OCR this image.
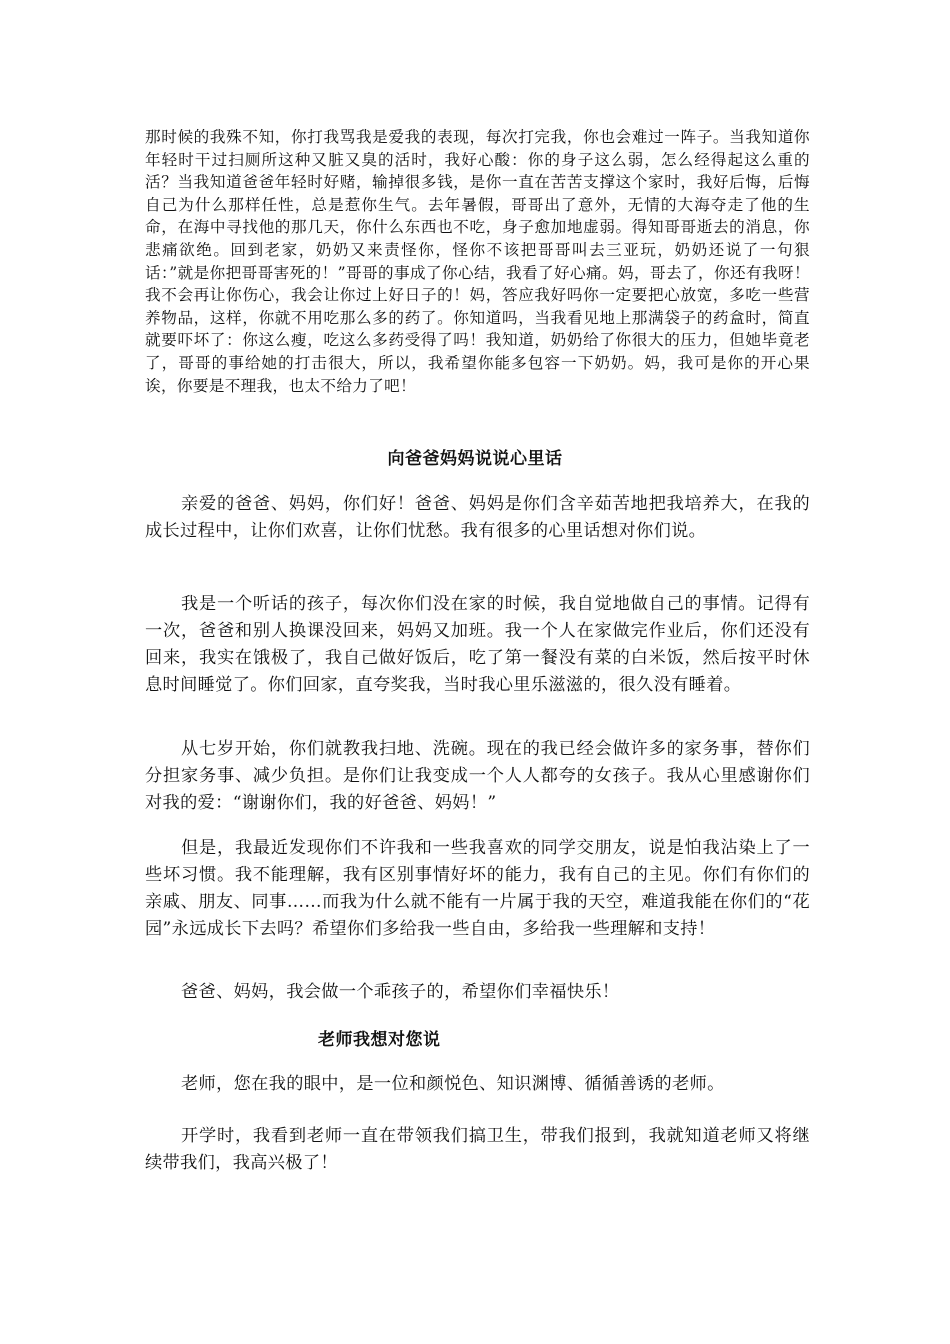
那时候的我殊不知，你打我骂我是爱我的表现，每次打完我，你也会难过一阵子。当我知道你年轻时干过扫厕所这种又脏又臭的活时，我好心酸：你的身子这么弱，怎么经得起这么重的活？当我知道爸爸年轻时好赌，输掉很多钱，是你一直在苦苦支撑这个家时，我好后悔，后悔自己为什么那样任性，总是惹你生气。去年暑假，哥哥出了意外，无情的大海夺走了他的生命，在海中寻找他的那几天，你什么东西也不吃，身子愈加地虚弱。得知哥哥逝去的消息，你悲痛欲绝。回到老家，奶奶又来责怪你，怪你不该把哥哥叫去三亚玩，奶奶还说了一句狠话：”就是你把哥哥害死的！”哥哥的事成了你心结，我看了好心痛。妈，哥去了，你还有我呀！我不会再让你伤心，我会让你过上好日子的！妈，答应我好吗你一定要把心放宽，多吃一些营养物品，这样，你就不用吃那么多的药了。你知道吗，当我看见地上那满袋子的药盒时，简直就要吓坏了：你这么瘦，吃这么多药受得了吗！我知道，奶奶给了你很大的压力，但她毕竟老了，哥哥的事给她的打击很大，所以，我希望你能多包容一下奶奶。妈，我可是你的开心果诶，你要是不理我，也太不给力了吧！

向爸爸妈妈说说心里话

亲爱的爸爸、妈妈，你们好！爸爸、妈妈是你们含辛茹苦地把我培养大，在我的成长过程中，让你们欢喜，让你们忧愁。我有很多的心里话想对你们说。

我是一个听话的孩子，每次你们没在家的时候，我自觉地做自己的事情。记得有一次，爸爸和别人换课没回来，妈妈又加班。我一个人在家做完作业后，你们还没有回来，我实在饿极了，我自己做好饭后，吃了第一餐没有菜的白米饭，然后按平时休息时间睡觉了。你们回家，直夸奖我，当时我心里乐滋滋的，很久没有睡着。

从七岁开始，你们就教我扫地、洗碗。现在的我已经会做许多的家务事，替你们分担家务事、减少负担。是你们让我变成一个人人都夸的女孩子。我从心里感谢你们对我的爱：“谢谢你们，我的好爸爸、妈妈！”

但是，我最近发现你们不许我和一些我喜欢的同学交朋友，说是怕我沾染上了一些坏习惯。我不能理解，我有区别事情好坏的能力，我有自己的主见。你们有你们的亲戚、朋友、同事……而我为什么就不能有一片属于我的天空，难道我能在你们的“花园”永远成长下去吗？希望你们多给我一些自由，多给我一些理解和支持！

爸爸、妈妈，我会做一个乖孩子的，希望你们幸福快乐！

老师我想对您说

老师，您在我的眼中，是一位和颜悦色、知识渊博、循循善诱的老师。

开学时，我看到老师一直在带领我们搞卫生，带我们报到，我就知道老师又将继续带我们，我高兴极了！
